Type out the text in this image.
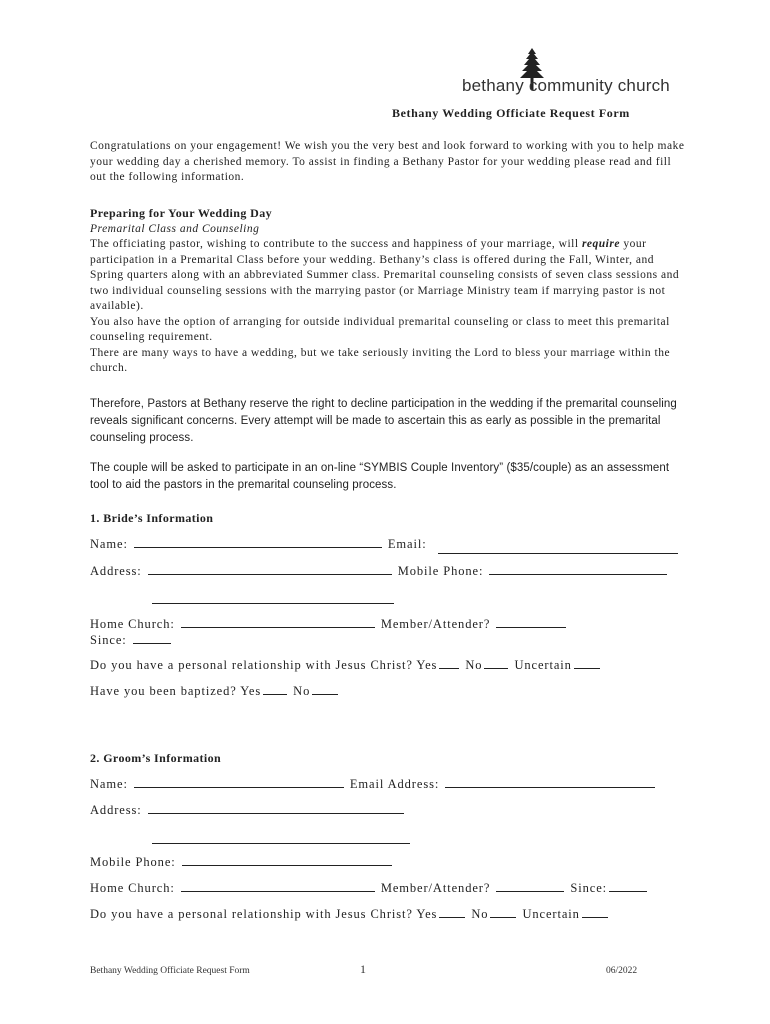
bethany community church
Bethany Wedding Officiate Request Form
Congratulations on your engagement! We wish you the very best and look forward to working with you to help make your wedding day a cherished memory. To assist in finding a Bethany Pastor for your wedding please read and fill out the following information.
Preparing for Your Wedding Day
Premarital Class and Counseling
The officiating pastor, wishing to contribute to the success and happiness of your marriage, will require your participation in a Premarital Class before your wedding. Bethany’s class is offered during the Fall, Winter, and Spring quarters along with an abbreviated Summer class. Premarital counseling consists of seven class sessions and two individual counseling sessions with the marrying pastor (or Marriage Ministry team if marrying pastor is not available).
You also have the option of arranging for outside individual premarital counseling or class to meet this premarital counseling requirement.
There are many ways to have a wedding, but we take seriously inviting the Lord to bless your marriage within the church.
Therefore, Pastors at Bethany reserve the right to decline participation in the wedding if the premarital counseling reveals significant concerns. Every attempt will be made to ascertain this as early as possible in the premarital counseling process.
The couple will be asked to participate in an on-line “SYMBIS Couple Inventory” ($35/couple) as an assessment tool to aid the pastors in the premarital counseling process.
1. Bride’s Information
Name:	Email:
Address:	Mobile Phone:
Home Church:	Member/Attender?
Since:
Do you have a personal relationship with Jesus Christ? Yes No	Uncertain
Have you been baptized? Yes	No
2. Groom’s Information
Name:	Email Address:
Address:
Mobile Phone:
Home Church:	Member/Attender?	Since:
Do you have a personal relationship with Jesus Christ? Yes	No	Uncertain
Bethany Wedding Officiate Request Form	1	06/2022
